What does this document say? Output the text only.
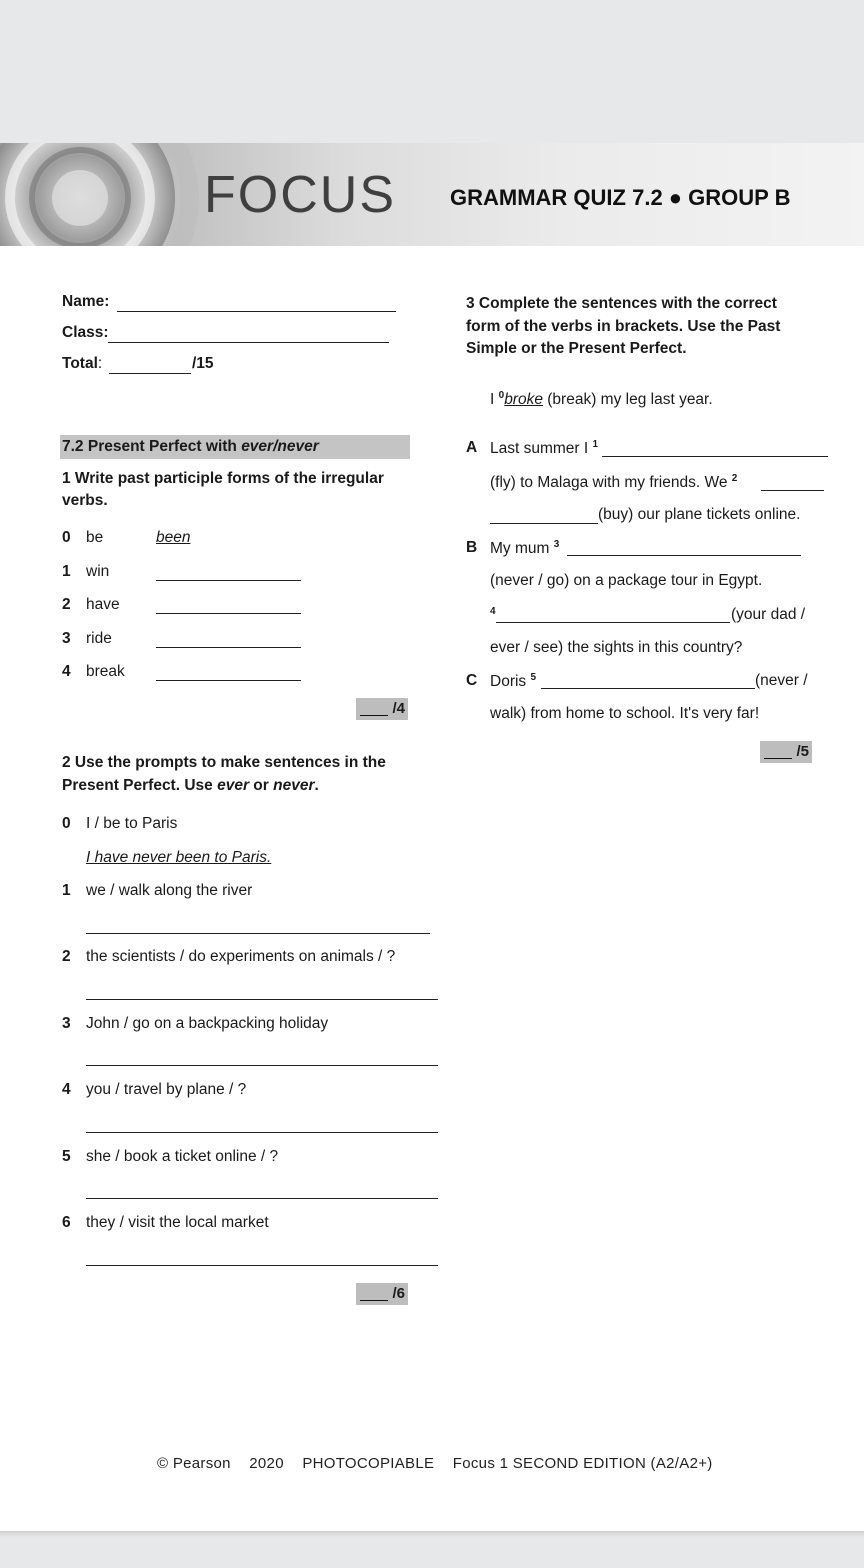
FOCUS GRAMMAR QUIZ 7.2 ● GROUP B
Name:
Class:
Total:	/15
7.2 Present Perfect with ever/never
1 Write past participle forms of the irregular verbs.
0 be	been
1 win
2 have
3 ride
4 break
/4
2 Use the prompts to make sentences in the
Present Perfect. Use ever or never.
0 I / be to Paris
I have never been to Paris.
1 we / walk along the river
2 the scientists / do experiments on animals / ?
3 John / go on a backpacking holiday
4 you / travel by plane / ?
5 she / book a ticket online / ?
6 they / visit the local market
/6
3 Complete the sentences with the correct
form of the verbs in brackets. Use the Past
Simple or the Present Perfect.
I $^0$broke (break) my leg last year.
A Last summer I $^1$
(fly) to Malaga with my friends. We $^2$
(buy) our plane tickets online.
B My mum $^3$
(never / go) on a package tour in Egypt.
$^4$	(your dad /
ever / see) the sights in this country?
C Doris $^5$	(never /
walk) from home to school. It's very far!
/5
© Pearson 2020 PHOTOCOPIABLE Focus 1 SECOND EDITION (A2/A2+)
